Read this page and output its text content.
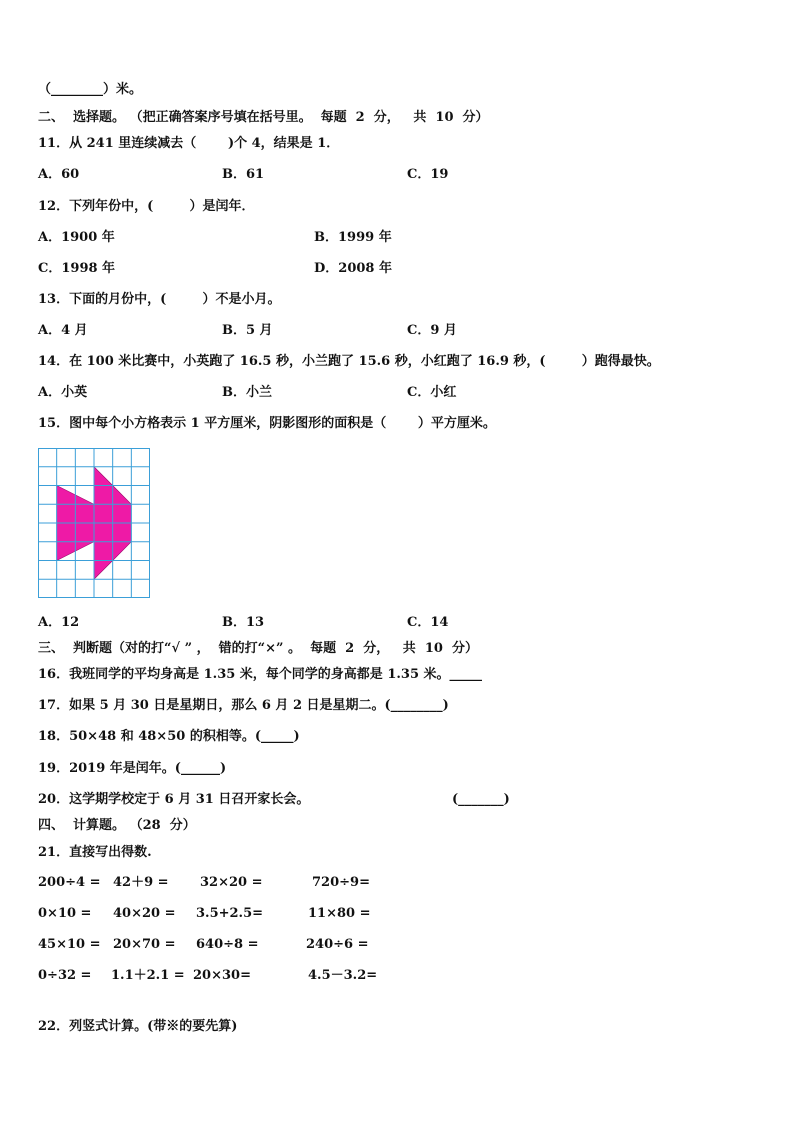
（________）米。
二、  选择题。 （把正确答案序号填在括号里。  每题  2  分，   共  10  分）
11．从 241 里连续减去（       )个 4，结果是 1．
A．60	B．61	C．19
12．下列年份中，(        ）是闰年．
A．1900 年	B．1999 年
C．1998 年	D．2008 年
13．下面的月份中，(        ）不是小月。
A．4 月	B．5 月	C．9 月
14．在 100 米比赛中，小英跑了 16.5 秒，小兰跑了 15.6 秒，小红跑了 16.9 秒，(        ）跑得最快。
A．小英	B．小兰	C．小红
15．图中每个小方格表示 1 平方厘米，阴影图形的面积是（       ）平方厘米。
A．12	B．13	C．14
三、  判断题（对的打“√ ” ，  错的打“×” 。  每题  2  分，   共  10  分）
16．我班同学的平均身高是 1.35 米，每个同学的身高都是 1.35 米。_____
17．如果 5 月 30 日是星期日，那么 6 月 2 日是星期二。(________)
18．50×48 和 48×50 的积相等。(_____)
19．2019 年是闰年。(______)
20．这学期学校定于 6 月 31 日召开家长会。	(_______)
四、  计算题。 （28  分）
21．直接写出得数.
200÷4 = 42＋9 = 32×20 =	720÷9=
0×10 = 40×20 = 3.5+2.5=	11×80 =
45×10 = 20×70 = 640÷8 =	240÷6 =
0÷32 = 1.1＋2.1 = 20×30=	4.5－3.2=
22．列竖式计算。(带※的要先算)
